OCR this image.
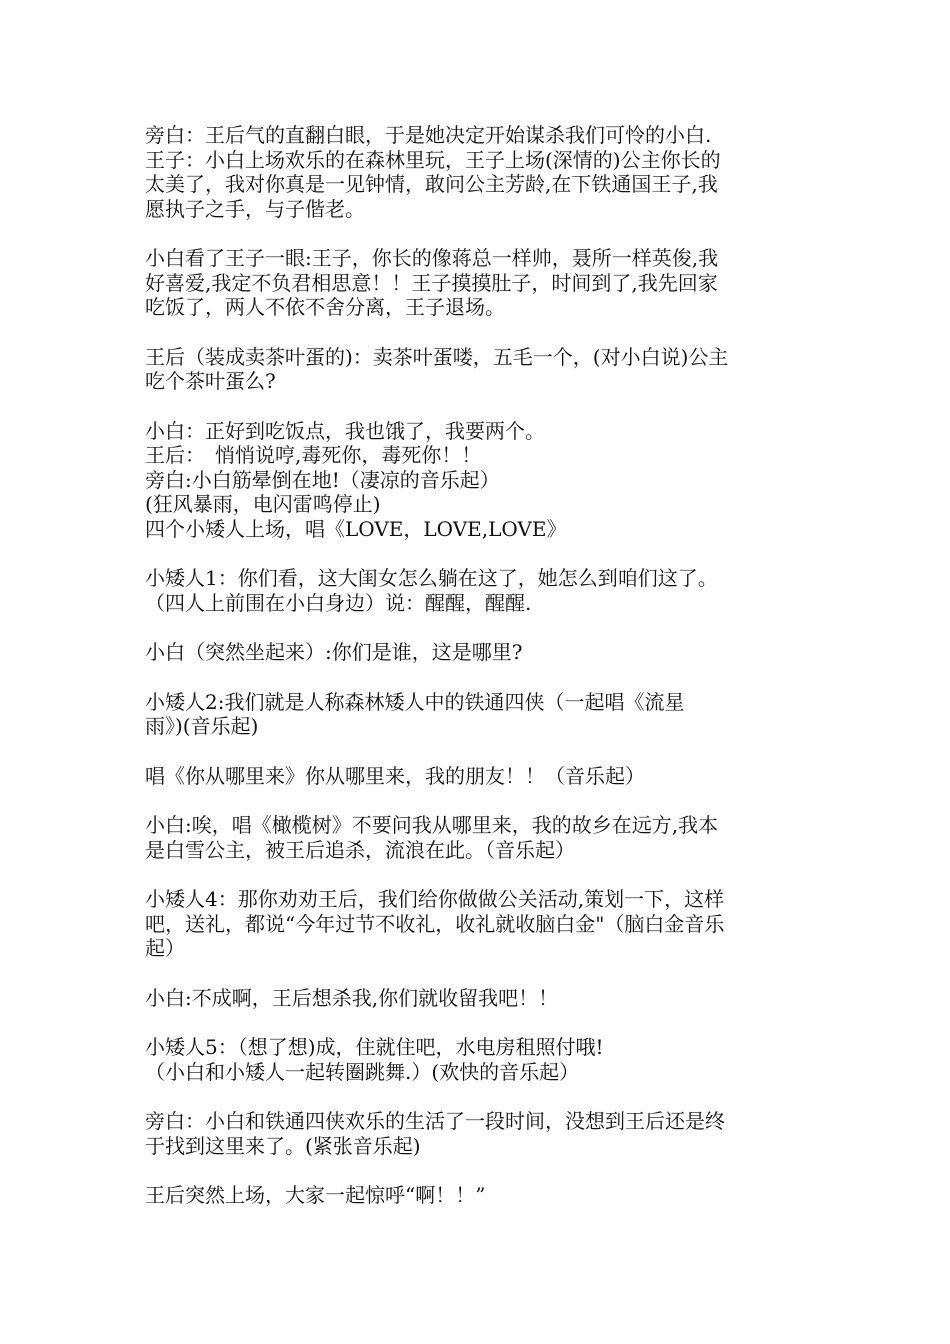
旁白：王后气的直翻白眼，于是她决定开始谋杀我们可怜的小白.
王子：小白上场欢乐的在森林里玩，王子上场(深情的)公主你长的
太美了，我对你真是一见钟情，敢问公主芳龄,在下铁通国王子,我
愿执子之手，与子偕老。
小白看了王子一眼:王子，你长的像蒋总一样帅，聂所一样英俊,我
好喜爱,我定不负君相思意！！王子摸摸肚子，时间到了,我先回家
吃饭了，两人不依不舍分离，王子退场。
王后（装成卖茶叶蛋的)：卖茶叶蛋喽，五毛一个，(对小白说)公主
吃个茶叶蛋么?
小白：正好到吃饭点，我也饿了，我要两个。
王后：　悄悄说哼,毒死你，毒死你！！
旁白:小白筋晕倒在地!（凄凉的音乐起）
(狂风暴雨，电闪雷鸣停止)
四个小矮人上场，唱《LOVE，LOVE,LOVE》
小矮人1：你们看，这大闺女怎么躺在这了，她怎么到咱们这了。
（四人上前围在小白身边）说：醒醒，醒醒.
小白（突然坐起来）:你们是谁，这是哪里?
小矮人2:我们就是人称森林矮人中的铁通四侠（一起唱《流星
雨》)(音乐起)
唱《你从哪里来》你从哪里来，我的朋友！！（音乐起）
小白:唉，唱《橄榄树》不要问我从哪里来，我的故乡在远方,我本
是白雪公主，被王后追杀，流浪在此。（音乐起）
小矮人4：那你劝劝王后，我们给你做做公关活动,策划一下，这样
吧，送礼，都说“今年过节不收礼，收礼就收脑白金"（脑白金音乐
起）
小白:不成啊，王后想杀我,你们就收留我吧！！
小矮人5：（想了想)成，住就住吧，水电房租照付哦!
（小白和小矮人一起转圈跳舞.）(欢快的音乐起）
旁白：小白和铁通四侠欢乐的生活了一段时间，没想到王后还是终
于找到这里来了。(紧张音乐起)
王后突然上场，大家一起惊呼“啊！！”
